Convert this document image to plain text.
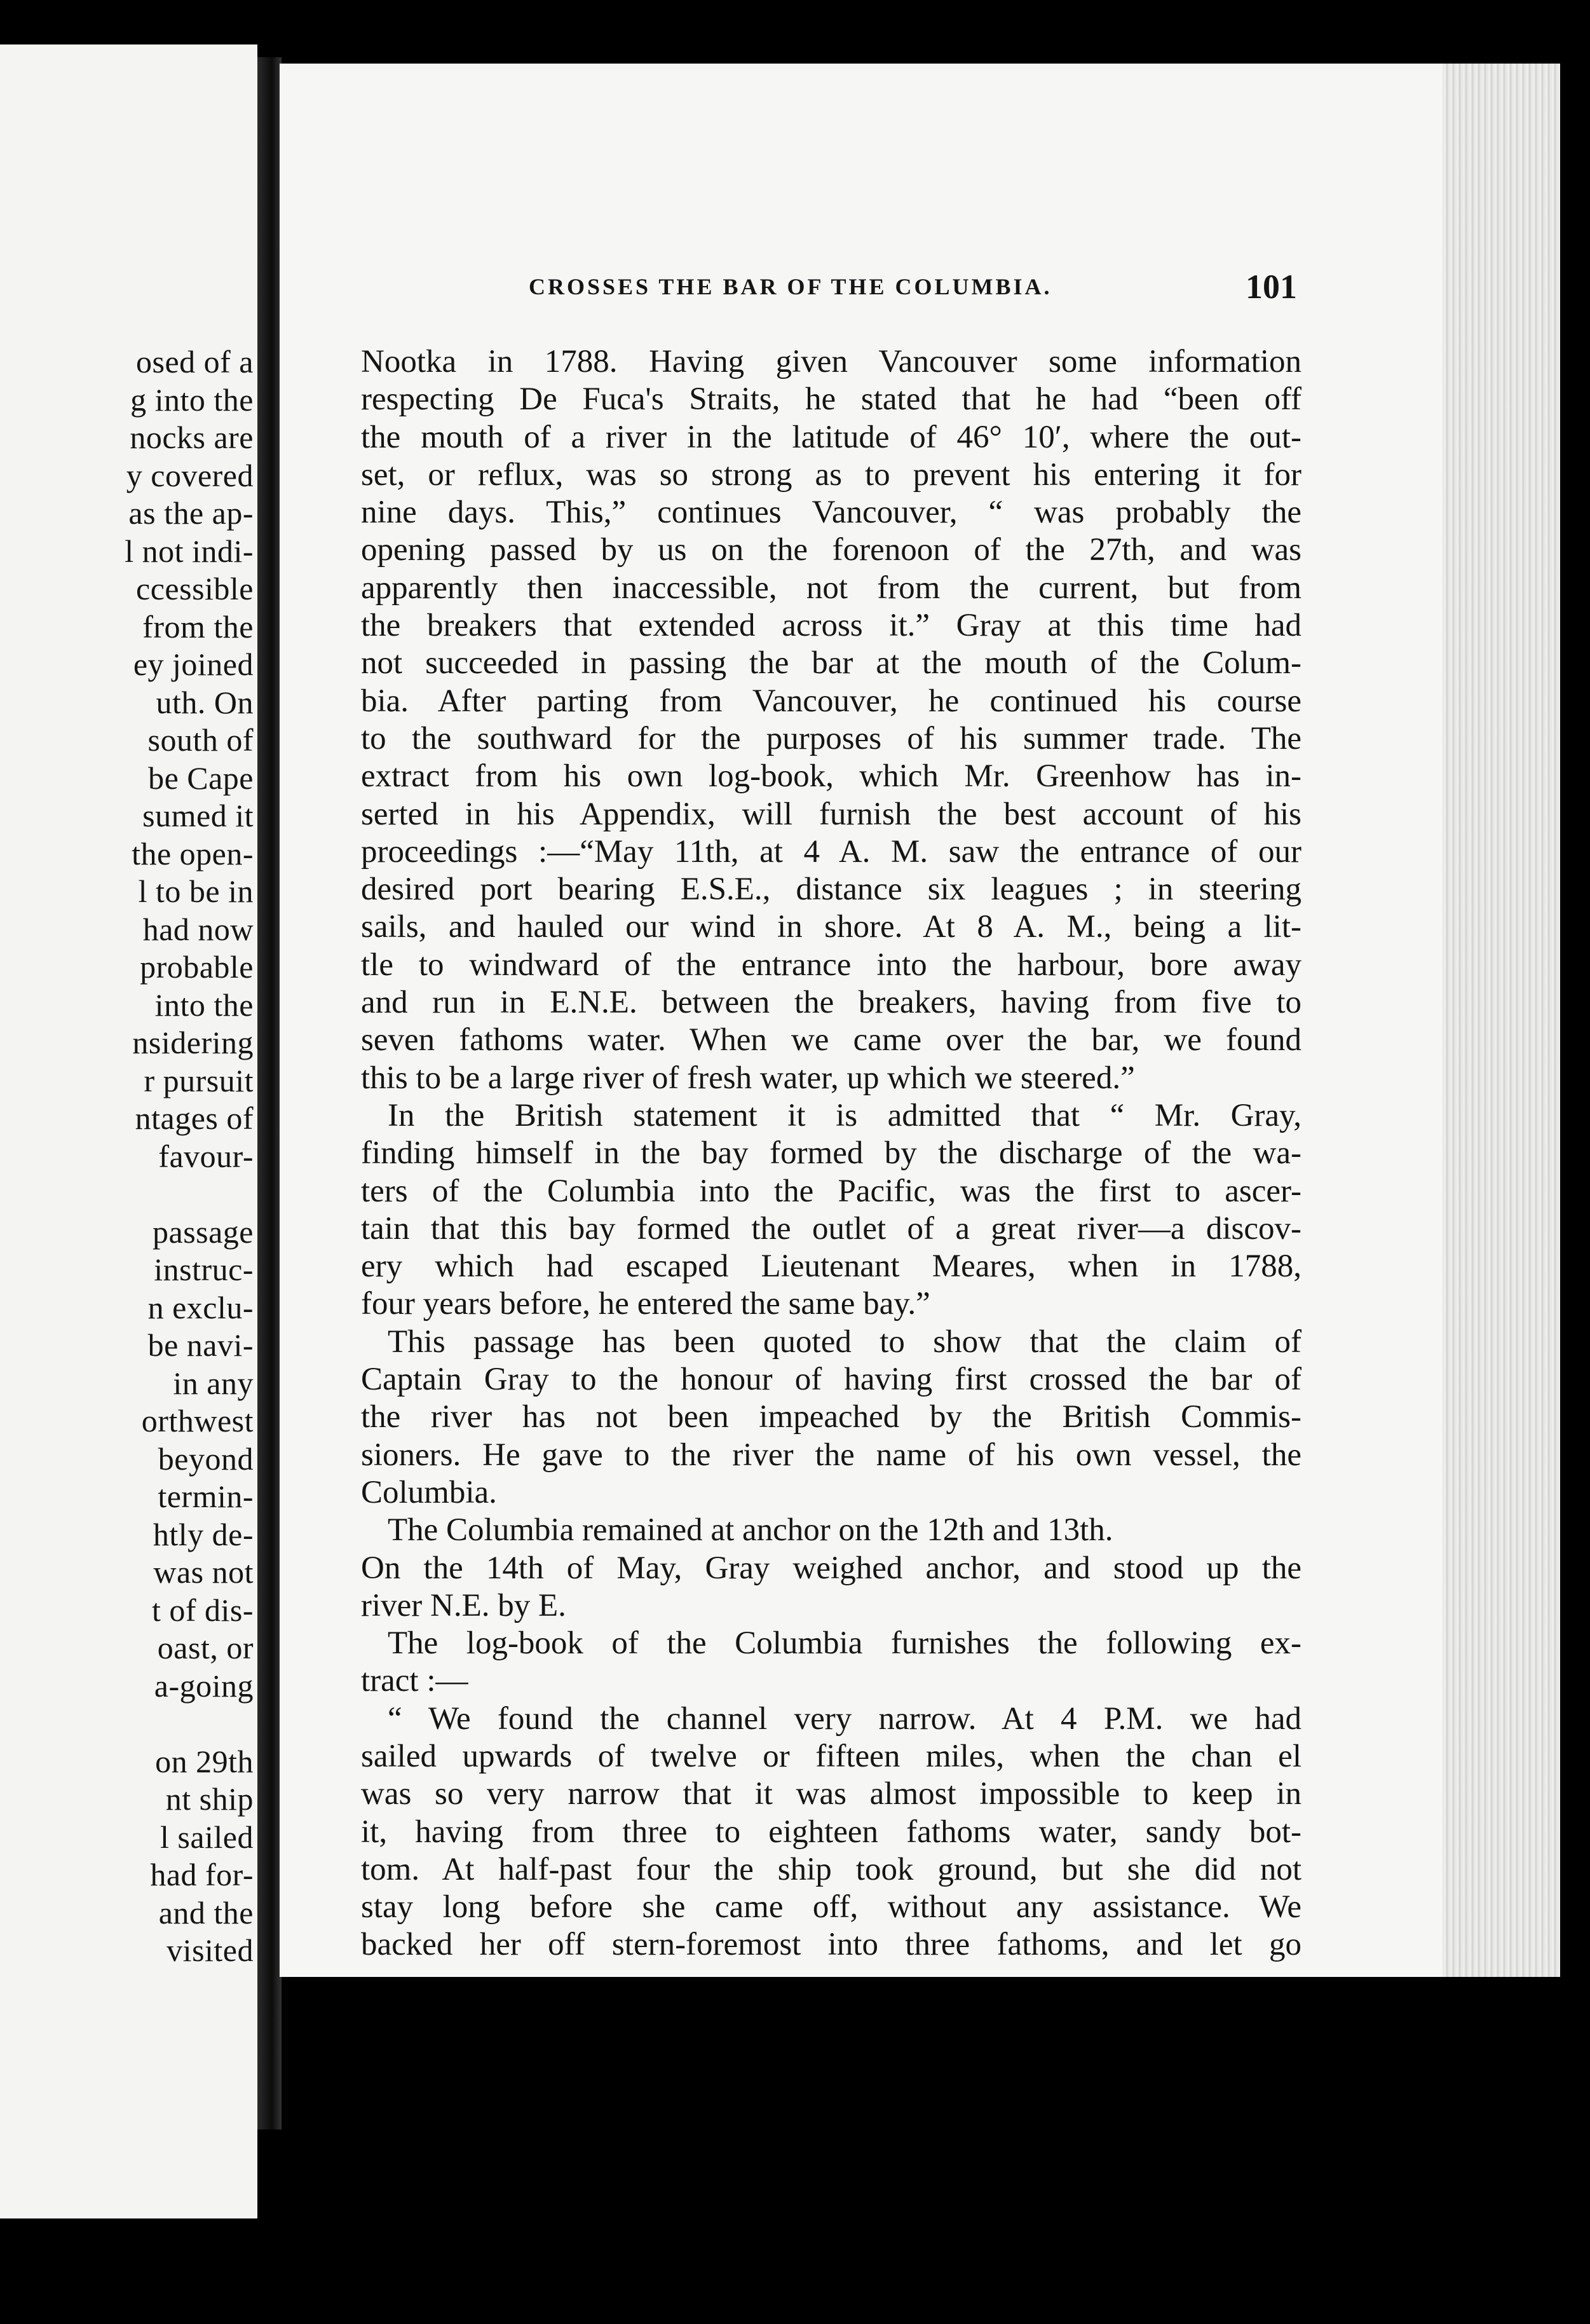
osed of a
g into the
nocks are
y covered
as the ap-
l not indi-
ccessible
from the
ey joined
uth. On
south of
be Cape
sumed it
the open-
l to be in
had now
probable
into the
nsidering
r pursuit
ntages of
favour-
passage
instruc-
n exclu-
be navi-
in any
orthwest
beyond
termin-
htly de-
was not
t of dis-
oast, or
a-going
on 29th
nt ship
l sailed
had for-
and the
visited
CROSSES THE BAR OF THE COLUMBIA.	101
Nootka in 1788. Having given Vancouver some information
respecting De Fuca's Straits, he stated that he had “been off
the mouth of a river in the latitude of 46° 10′, where the out-
set, or reflux, was so strong as to prevent his entering it for
nine days. This,” continues Vancouver, “ was probably the
opening passed by us on the forenoon of the 27th, and was
apparently then inaccessible, not from the current, but from
the breakers that extended across it.” Gray at this time had
not succeeded in passing the bar at the mouth of the Colum-
bia. After parting from Vancouver, he continued his course
to the southward for the purposes of his summer trade. The
extract from his own log-book, which Mr. Greenhow has in-
serted in his Appendix, will furnish the best account of his
proceedings :—“May 11th, at 4 A. M. saw the entrance of our
desired port bearing E.S.E., distance six leagues ; in steering
sails, and hauled our wind in shore. At 8 A. M., being a lit-
tle to windward of the entrance into the harbour, bore away
and run in E.N.E. between the breakers, having from five to
seven fathoms water. When we came over the bar, we found
this to be a large river of fresh water, up which we steered.”
In the British statement it is admitted that “ Mr. Gray,
finding himself in the bay formed by the discharge of the wa-
ters of the Columbia into the Pacific, was the first to ascer-
tain that this bay formed the outlet of a great river—a discov-
ery which had escaped Lieutenant Meares, when in 1788,
four years before, he entered the same bay.”
This passage has been quoted to show that the claim of
Captain Gray to the honour of having first crossed the bar of
the river has not been impeached by the British Commis-
sioners. He gave to the river the name of his own vessel, the
Columbia.
The Columbia remained at anchor on the 12th and 13th.
On the 14th of May, Gray weighed anchor, and stood up the
river N.E. by E.
The log-book of the Columbia furnishes the following ex-
tract :—
“ We found the channel very narrow. At 4 P.M. we had
sailed upwards of twelve or fifteen miles, when the chan el
was so very narrow that it was almost impossible to keep in
it, having from three to eighteen fathoms water, sandy bot-
tom. At half-past four the ship took ground, but she did not
stay long before she came off, without any assistance. We
backed her off stern-foremost into three fathoms, and let go
